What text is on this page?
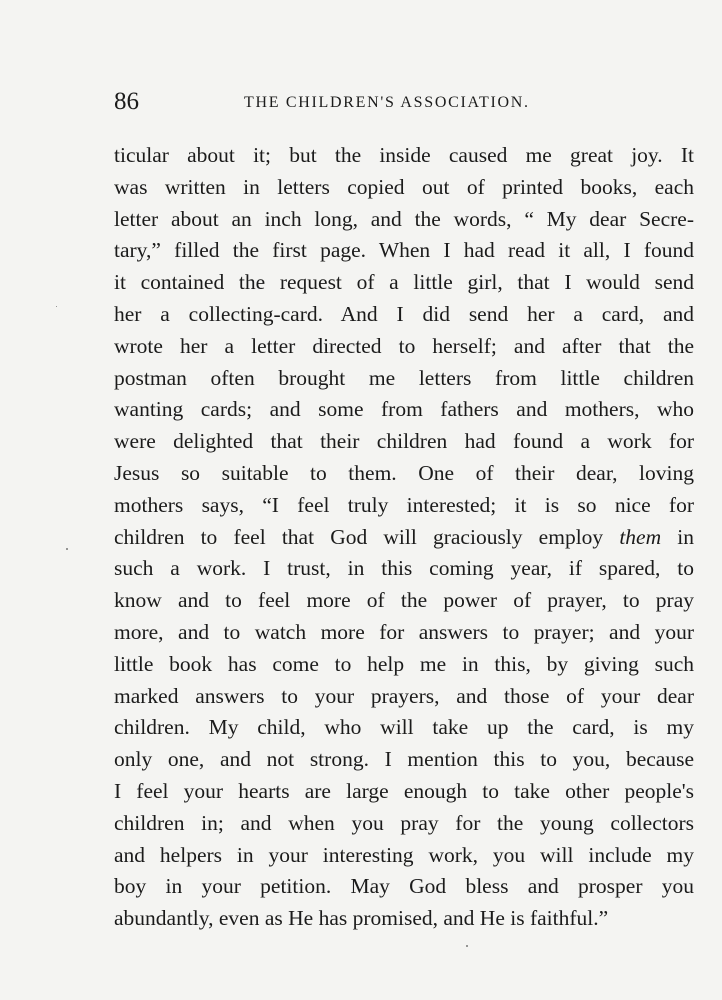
86	THE CHILDREN'S ASSOCIATION.
ticular about it; but the inside caused me great joy. It
was written in letters copied out of printed books, each
letter about an inch long, and the words, “ My dear Secre-
tary,” filled the first page. When I had read it all, I found
it contained the request of a little girl, that I would send
her a collecting-card. And I did send her a card, and
wrote her a letter directed to herself; and after that the
postman often brought me letters from little children
wanting cards; and some from fathers and mothers, who
were delighted that their children had found a work for
Jesus so suitable to them. One of their dear, loving
mothers says, “I feel truly interested; it is so nice for
children to feel that God will graciously employ them in
such a work. I trust, in this coming year, if spared, to
know and to feel more of the power of prayer, to pray
more, and to watch more for answers to prayer; and your
little book has come to help me in this, by giving such
marked answers to your prayers, and those of your dear
children. My child, who will take up the card, is my
only one, and not strong. I mention this to you, because
I feel your hearts are large enough to take other people's
children in; and when you pray for the young collectors
and helpers in your interesting work, you will include my
boy in your petition. May God bless and prosper you
abundantly, even as He has promised, and He is faithful.”
